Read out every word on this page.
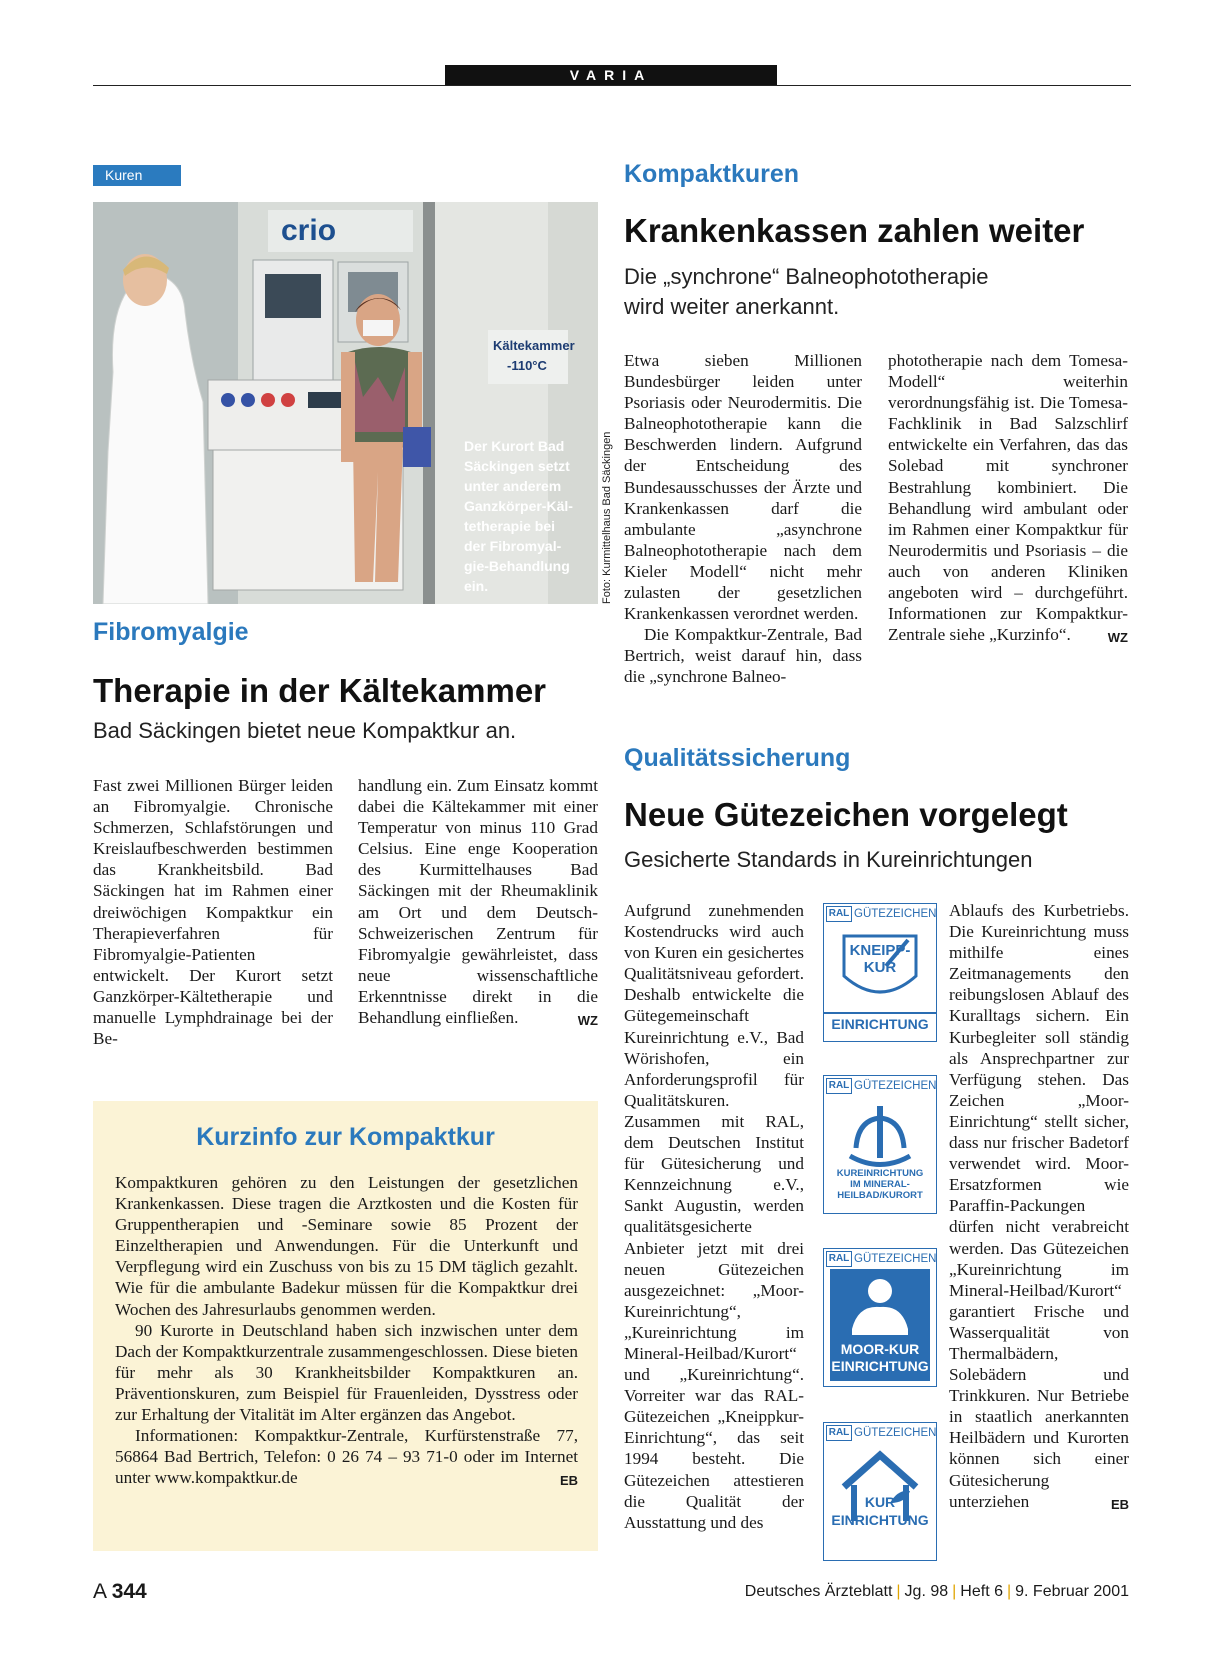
VARIA
Kuren
crio
Kältekammer
-110°C
Der Kurort Bad
Säckingen setzt
unter anderem
Ganzkörper-Käl-
tetherapie bei
der Fibromyal-
gie-Behandlung
ein.	Foto: Kurmittelhaus Bad Säckingen
Fibromyalgie
Therapie in der Kältekammer
Bad Säckingen bietet neue Kompaktkur an.

Fast zwei Millionen Bürger leiden an Fibromyalgie. Chronische Schmerzen, Schlafstörungen und Kreislaufbeschwerden bestimmen das Krankheitsbild. Bad Säckingen hat im Rahmen einer dreiwöchigen Kompaktkur ein Therapieverfahren für Fibromyalgie-Patienten entwickelt. Der Kurort setzt Ganzkörper-Kältetherapie und manuelle Lymphdrainage bei der Be-

handlung ein. Zum Einsatz kommt dabei die Kältekammer mit einer Temperatur von minus 110 Grad Celsius. Eine enge Kooperation des Kurmittelhauses Bad Säckingen mit der Rheumaklinik am Ort und dem Deutsch-Schweizerischen Zentrum für Fibromyalgie gewährleistet, dass neue wissenschaftliche Erkenntnisse direkt in die Behandlung einfließen.	WZ

Kurzinfo zur Kompaktkur

Kompaktkuren gehören zu den Leistungen der gesetzlichen Krankenkassen. Diese tragen die Arztkosten und die Kosten für Gruppentherapien und -Seminare sowie 85 Prozent der Einzeltherapien und Anwendungen. Für die Unterkunft und Verpflegung wird ein Zuschuss von bis zu 15 DM täglich gezahlt. Wie für die ambulante Badekur müssen für die Kompaktkur drei Wochen des Jahresurlaubs genommen werden.

90 Kurorte in Deutschland haben sich inzwischen unter dem Dach der Kompaktkurzentrale zusammengeschlossen. Diese bieten für mehr als 30 Krankheitsbilder Kompaktkuren an. Präventionskuren, zum Beispiel für Frauenleiden, Dysstress oder zur Erhaltung der Vitalität im Alter ergänzen das Angebot.

Informationen: Kompaktkur-Zentrale, Kurfürstenstraße 77, 56864 Bad Bertrich, Telefon: 0 26 74 – 93 71-0 oder im Internet unter www.kompaktkur.de	EB

Kompaktkuren
Krankenkassen zahlen weiter
Die „synchrone“ Balneophototherapie
wird weiter anerkannt.

Etwa sieben Millionen Bundesbürger leiden unter Psoriasis oder Neurodermitis. Die Balneophototherapie kann die Beschwerden lindern. Aufgrund der Entscheidung des Bundesausschusses der Ärzte und Krankenkassen darf die ambulante „asynchrone Balneophototherapie nach dem Kieler Modell“ nicht mehr zulasten der gesetzlichen Krankenkassen verordnet werden.

Die Kompaktkur-Zentrale, Bad Bertrich, weist darauf hin, dass die „synchrone Balneo-

phototherapie nach dem Tomesa-Modell“ weiterhin verordnungsfähig ist. Die Tomesa-Fachklinik in Bad Salzschlirf entwickelte ein Verfahren, das das Solebad mit synchroner Bestrahlung kombiniert. Die Behandlung wird ambulant oder im Rahmen einer Kompaktkur für Neurodermitis und Psoriasis – die auch von anderen Kliniken angeboten wird – durchgeführt. Informationen zur Kompaktkur-Zentrale siehe „Kurzinfo“.	WZ

Qualitätssicherung
Neue Gütezeichen vorgelegt
Gesicherte Standards in Kureinrichtungen

Aufgrund zunehmenden Kostendrucks wird auch von Kuren ein gesichertes Qualitätsniveau gefordert. Deshalb entwickelte die Gütegemeinschaft Kureinrichtung e.V., Bad Wörishofen, ein Anforderungsprofil für Qualitätskuren. Zusammen mit RAL, dem Deutschen Institut für Gütesicherung und Kennzeichnung e.V., Sankt Augustin, werden qualitätsgesicherte Anbieter jetzt mit drei neuen Gütezeichen ausgezeichnet: „Moor-Kureinrichtung“, „Kureinrichtung im Mineral-Heilbad/Kurort“ und „Kureinrichtung“. Vorreiter war das RAL-Gütezeichen „Kneippkur-Einrichtung“, das seit 1994 besteht. Die Gütezeichen attestieren die Qualität der Ausstattung und des

Ablaufs des Kurbetriebs. Die Kureinrichtung muss mithilfe eines Zeitmanagements den reibungslosen Ablauf des Kuralltags sichern. Ein Kurbegleiter soll ständig als Ansprechpartner zur Verfügung stehen. Das Zeichen „Moor-Einrichtung“ stellt sicher, dass nur frischer Badetorf verwendet wird. Moor-Ersatzformen wie Paraffin-Packungen dürfen nicht verabreicht werden. Das Gütezeichen „Kureinrichtung im Mineral-Heilbad/Kurort“ garantiert Frische und Wasserqualität von Thermalbädern, Solebädern und Trinkkuren. Nur Betriebe in staatlich anerkannten Heilbädern und Kurorten können sich einer Gütesicherung unterziehen	EB

RAL GÜTEZEICHEN
KNEIPP-
KUR
EINRICHTUNG
RAL GÜTEZEICHEN
KUREINRICHTUNG
IM MINERAL-
HEILBAD/KURORT
RAL GÜTEZEICHEN
MOOR-KUR
EINRICHTUNG
RAL GÜTEZEICHEN
KUR
EINRICHTUNG
A 344	Deutsches Ärzteblatt | Jg. 98 | Heft 6 | 9. Februar 2001
